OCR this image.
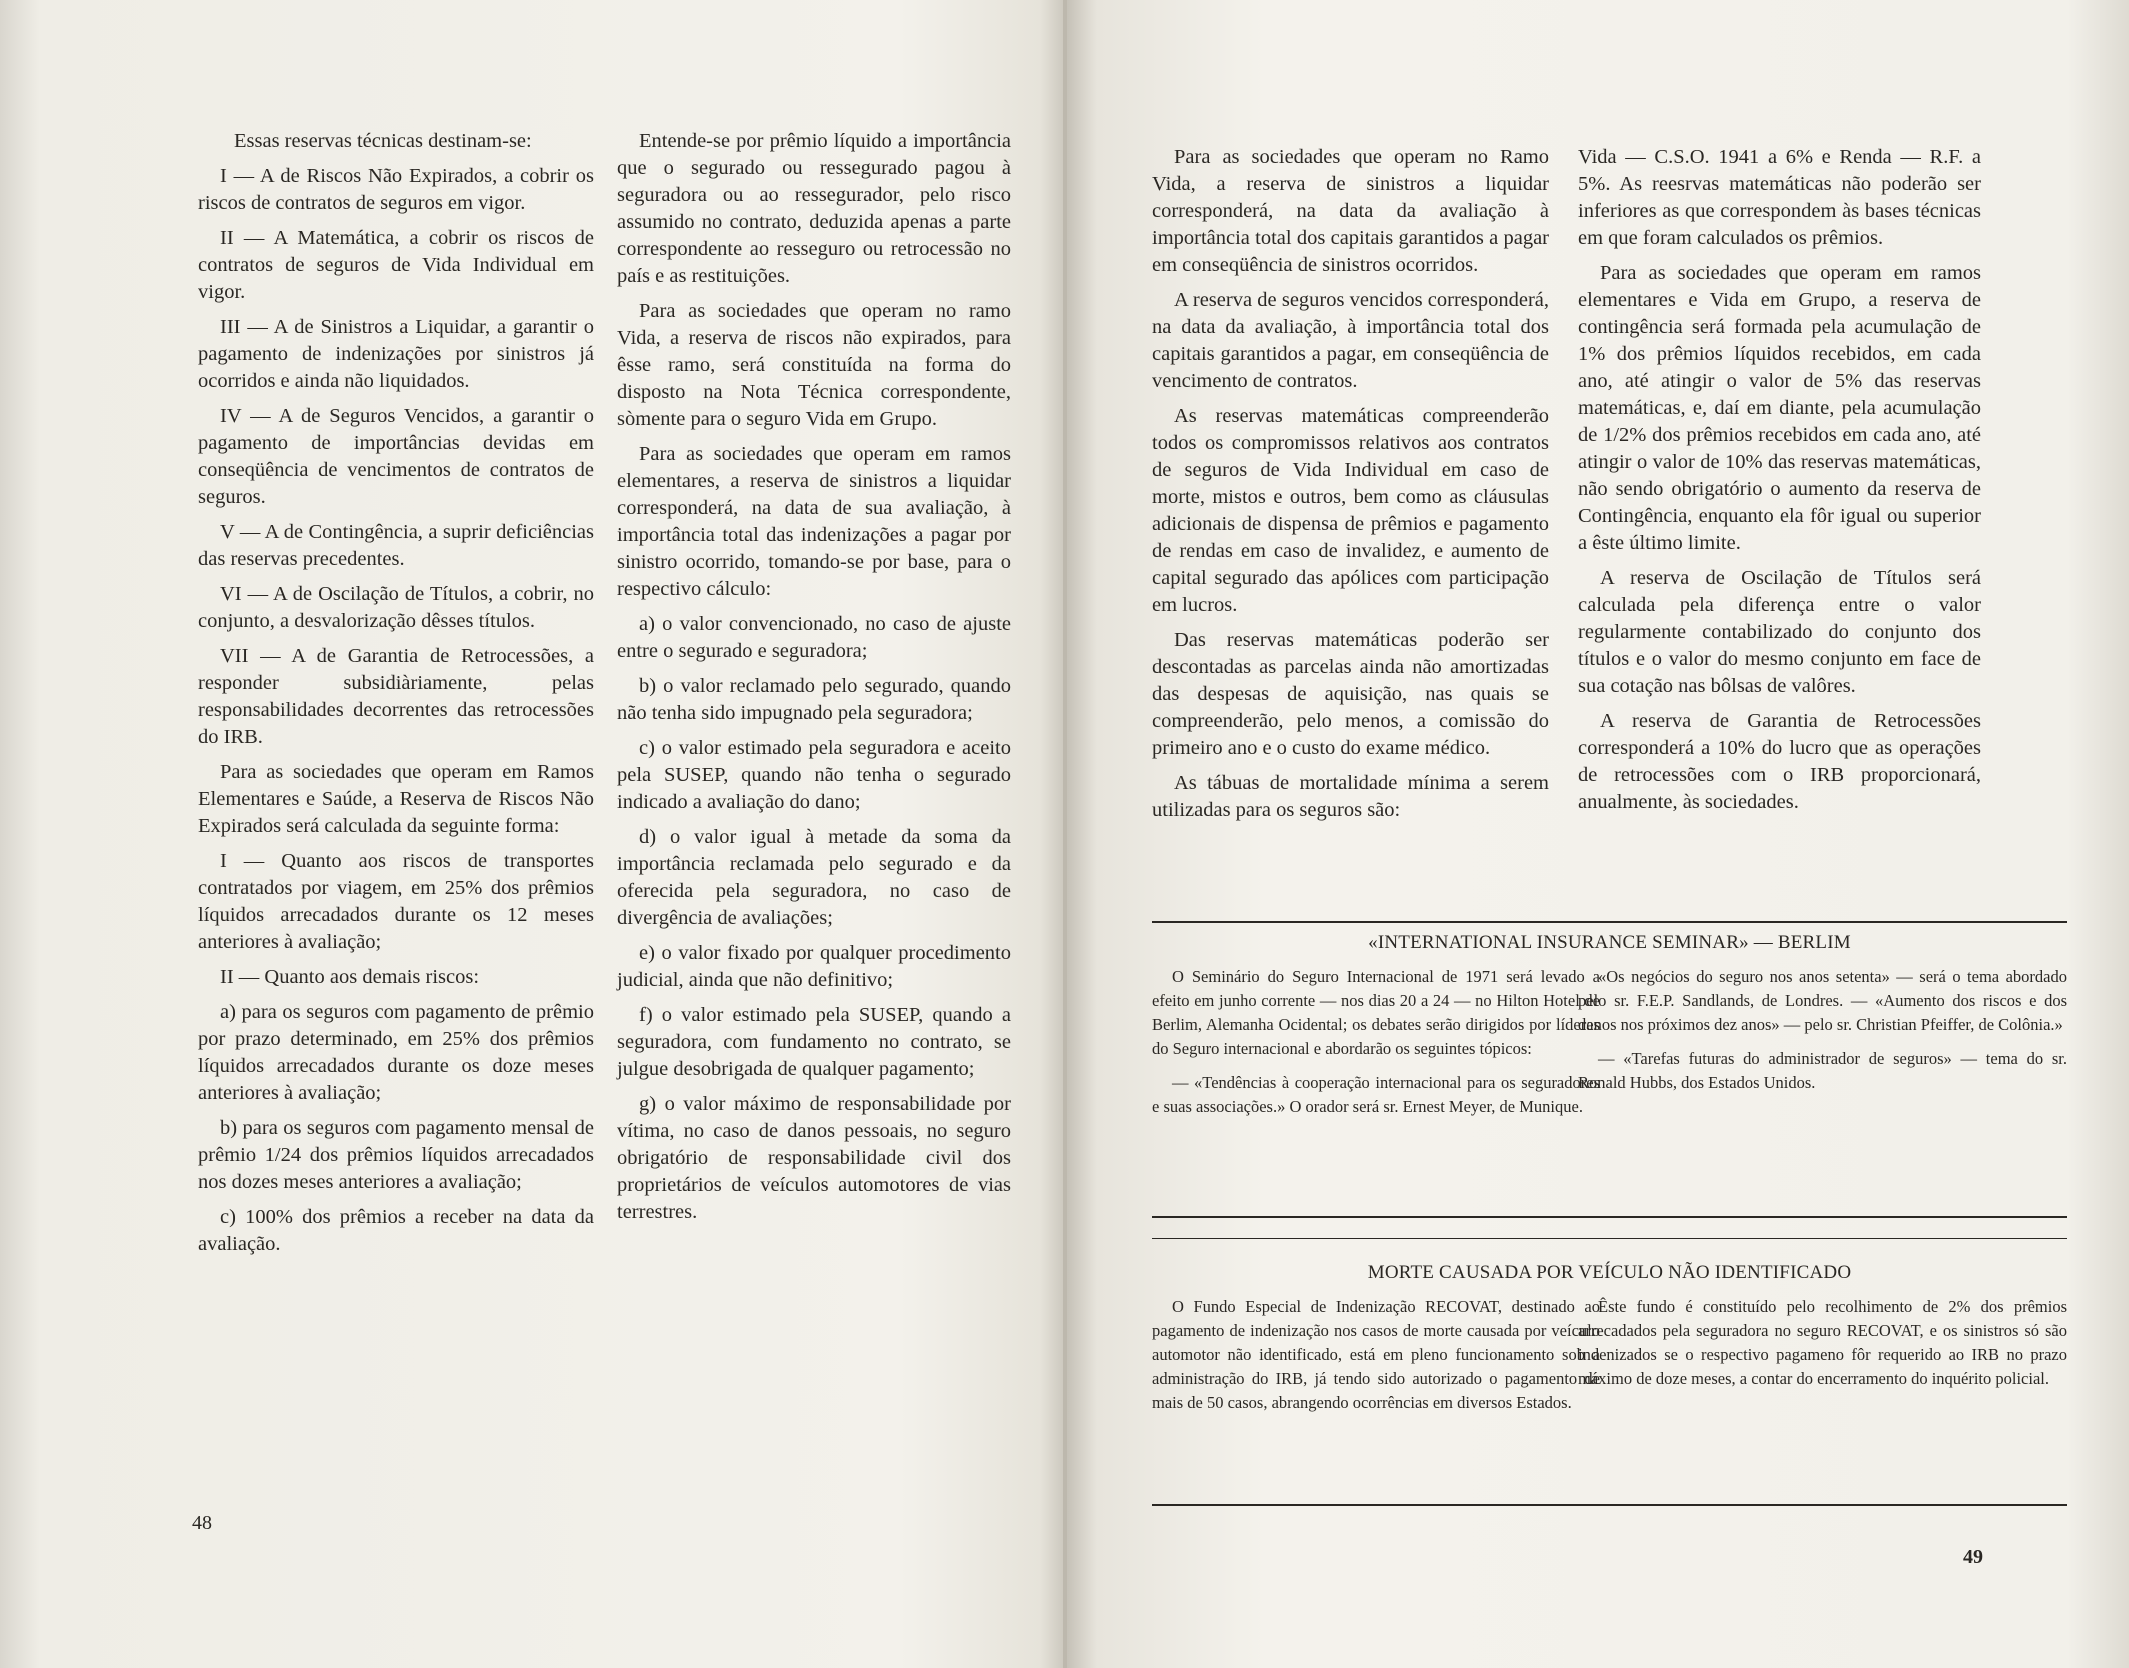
Essas reservas técnicas destinam-se:

I — A de Riscos Não Expirados, a cobrir os riscos de contratos de seguros em vigor.

II — A Matemática, a cobrir os riscos de contratos de seguros de Vida Individual em vigor.

III — A de Sinistros a Liquidar, a garantir o pagamento de indenizações por sinistros já ocorridos e ainda não liquidados.

IV — A de Seguros Vencidos, a garantir o pagamento de importâncias devidas em conseqüência de vencimentos de contratos de seguros.

V — A de Contingência, a suprir deficiências das reservas precedentes.

VI — A de Oscilação de Títulos, a cobrir, no conjunto, a desvalorização dêsses títulos.

VII — A de Garantia de Retrocessões, a responder subsidiàriamente, pelas responsabilidades decorrentes das retrocessões do IRB.

Para as sociedades que operam em Ramos Elementares e Saúde, a Reserva de Riscos Não Expirados será calculada da seguinte forma:

I — Quanto aos riscos de transportes contratados por viagem, em 25% dos prêmios líquidos arrecadados durante os 12 meses anteriores à avaliação;

II — Quanto aos demais riscos:

a) para os seguros com pagamento de prêmio por prazo determinado, em 25% dos prêmios líquidos arrecadados durante os doze meses anteriores à avaliação;

b) para os seguros com pagamento mensal de prêmio 1/24 dos prêmios líquidos arrecadados nos dozes meses anteriores a avaliação;

c) 100% dos prêmios a receber na data da avaliação.

Entende-se por prêmio líquido a importância que o segurado ou ressegurado pagou à seguradora ou ao ressegurador, pelo risco assumido no contrato, deduzida apenas a parte correspondente ao resseguro ou retrocessão no país e as restituições.

Para as sociedades que operam no ramo Vida, a reserva de riscos não expirados, para êsse ramo, será constituída na forma do disposto na Nota Técnica correspondente, sòmente para o seguro Vida em Grupo.

Para as sociedades que operam em ramos elementares, a reserva de sinistros a liquidar corresponderá, na data de sua avaliação, à importância total das indenizações a pagar por sinistro ocorrido, tomando-se por base, para o respectivo cálculo:

a) o valor convencionado, no caso de ajuste entre o segurado e seguradora;

b) o valor reclamado pelo segurado, quando não tenha sido impugnado pela seguradora;

c) o valor estimado pela seguradora e aceito pela SUSEP, quando não tenha o segurado indicado a avaliação do dano;

d) o valor igual à metade da soma da importância reclamada pelo segurado e da oferecida pela seguradora, no caso de divergência de avaliações;

e) o valor fixado por qualquer procedimento judicial, ainda que não definitivo;

f) o valor estimado pela SUSEP, quando a seguradora, com fundamento no contrato, se julgue desobrigada de qualquer pagamento;

g) o valor máximo de responsabilidade por vítima, no caso de danos pessoais, no seguro obrigatório de responsabilidade civil dos proprietários de veículos automotores de vias terrestres.

48

Para as sociedades que operam no Ramo Vida, a reserva de sinistros a liquidar corresponderá, na data da avaliação à importância total dos capitais garantidos a pagar em conseqüência de sinistros ocorridos.

A reserva de seguros vencidos corresponderá, na data da avaliação, à importância total dos capitais garantidos a pagar, em conseqüência de vencimento de contratos.

As reservas matemáticas compreenderão todos os compromissos relativos aos contratos de seguros de Vida Individual em caso de morte, mistos e outros, bem como as cláusulas adicionais de dispensa de prêmios e pagamento de rendas em caso de invalidez, e aumento de capital segurado das apólices com participação em lucros.

Das reservas matemáticas poderão ser descontadas as parcelas ainda não amortizadas das despesas de aquisição, nas quais se compreenderão, pelo menos, a comissão do primeiro ano e o custo do exame médico.

As tábuas de mortalidade mínima a serem utilizadas para os seguros são:

Vida — C.S.O. 1941 a 6% e Renda — R.F. a 5%. As reesrvas matemáticas não poderão ser inferiores as que correspondem às bases técnicas em que foram calculados os prêmios.

Para as sociedades que operam em ramos elementares e Vida em Grupo, a reserva de contingência será formada pela acumulação de 1% dos prêmios líquidos recebidos, em cada ano, até atingir o valor de 5% das reservas matemáticas, e, daí em diante, pela acumulação de 1/2% dos prêmios recebidos em cada ano, até atingir o valor de 10% das reservas matemáticas, não sendo obrigatório o aumento da reserva de Contingência, enquanto ela fôr igual ou superior a êste último limite.

A reserva de Oscilação de Títulos será calculada pela diferença entre o valor regularmente contabilizado do conjunto dos títulos e o valor do mesmo conjunto em face de sua cotação nas bôlsas de valôres.

A reserva de Garantia de Retrocessões corresponderá a 10% do lucro que as operações de retrocessões com o IRB proporcionará, anualmente, às sociedades.

«INTERNATIONAL INSURANCE SEMINAR» — BERLIM

O Seminário do Seguro Internacional de 1971 será levado a efeito em junho corrente — nos dias 20 a 24 — no Hilton Hotel de Berlim, Alemanha Ocidental; os debates serão dirigidos por líderes do Seguro internacional e abordarão os seguintes tópicos:

— «Tendências à cooperação internacional para os seguradores e suas associações.» O orador será sr. Ernest Meyer, de Munique.

«Os negócios do seguro nos anos setenta» — será o tema abordado pelo sr. F.E.P. Sandlands, de Londres. — «Aumento dos riscos e dos danos nos próximos dez anos» — pelo sr. Christian Pfeiffer, de Colônia.»

— «Tarefas futuras do administrador de seguros» — tema do sr. Ronald Hubbs, dos Estados Unidos.

MORTE CAUSADA POR VEÍCULO NÃO IDENTIFICADO

O Fundo Especial de Indenização RECOVAT, destinado ao pagamento de indenização nos casos de morte causada por veículo automotor não identificado, está em pleno funcionamento sob a administração do IRB, já tendo sido autorizado o pagamento de mais de 50 casos, abrangendo ocorrências em diversos Estados.

Êste fundo é constituído pelo recolhimento de 2% dos prêmios arrecadados pela seguradora no seguro RECOVAT, e os sinistros só são indenizados se o respectivo pagameno fôr requerido ao IRB no prazo máximo de doze meses, a contar do encerramento do inquérito policial.

49
